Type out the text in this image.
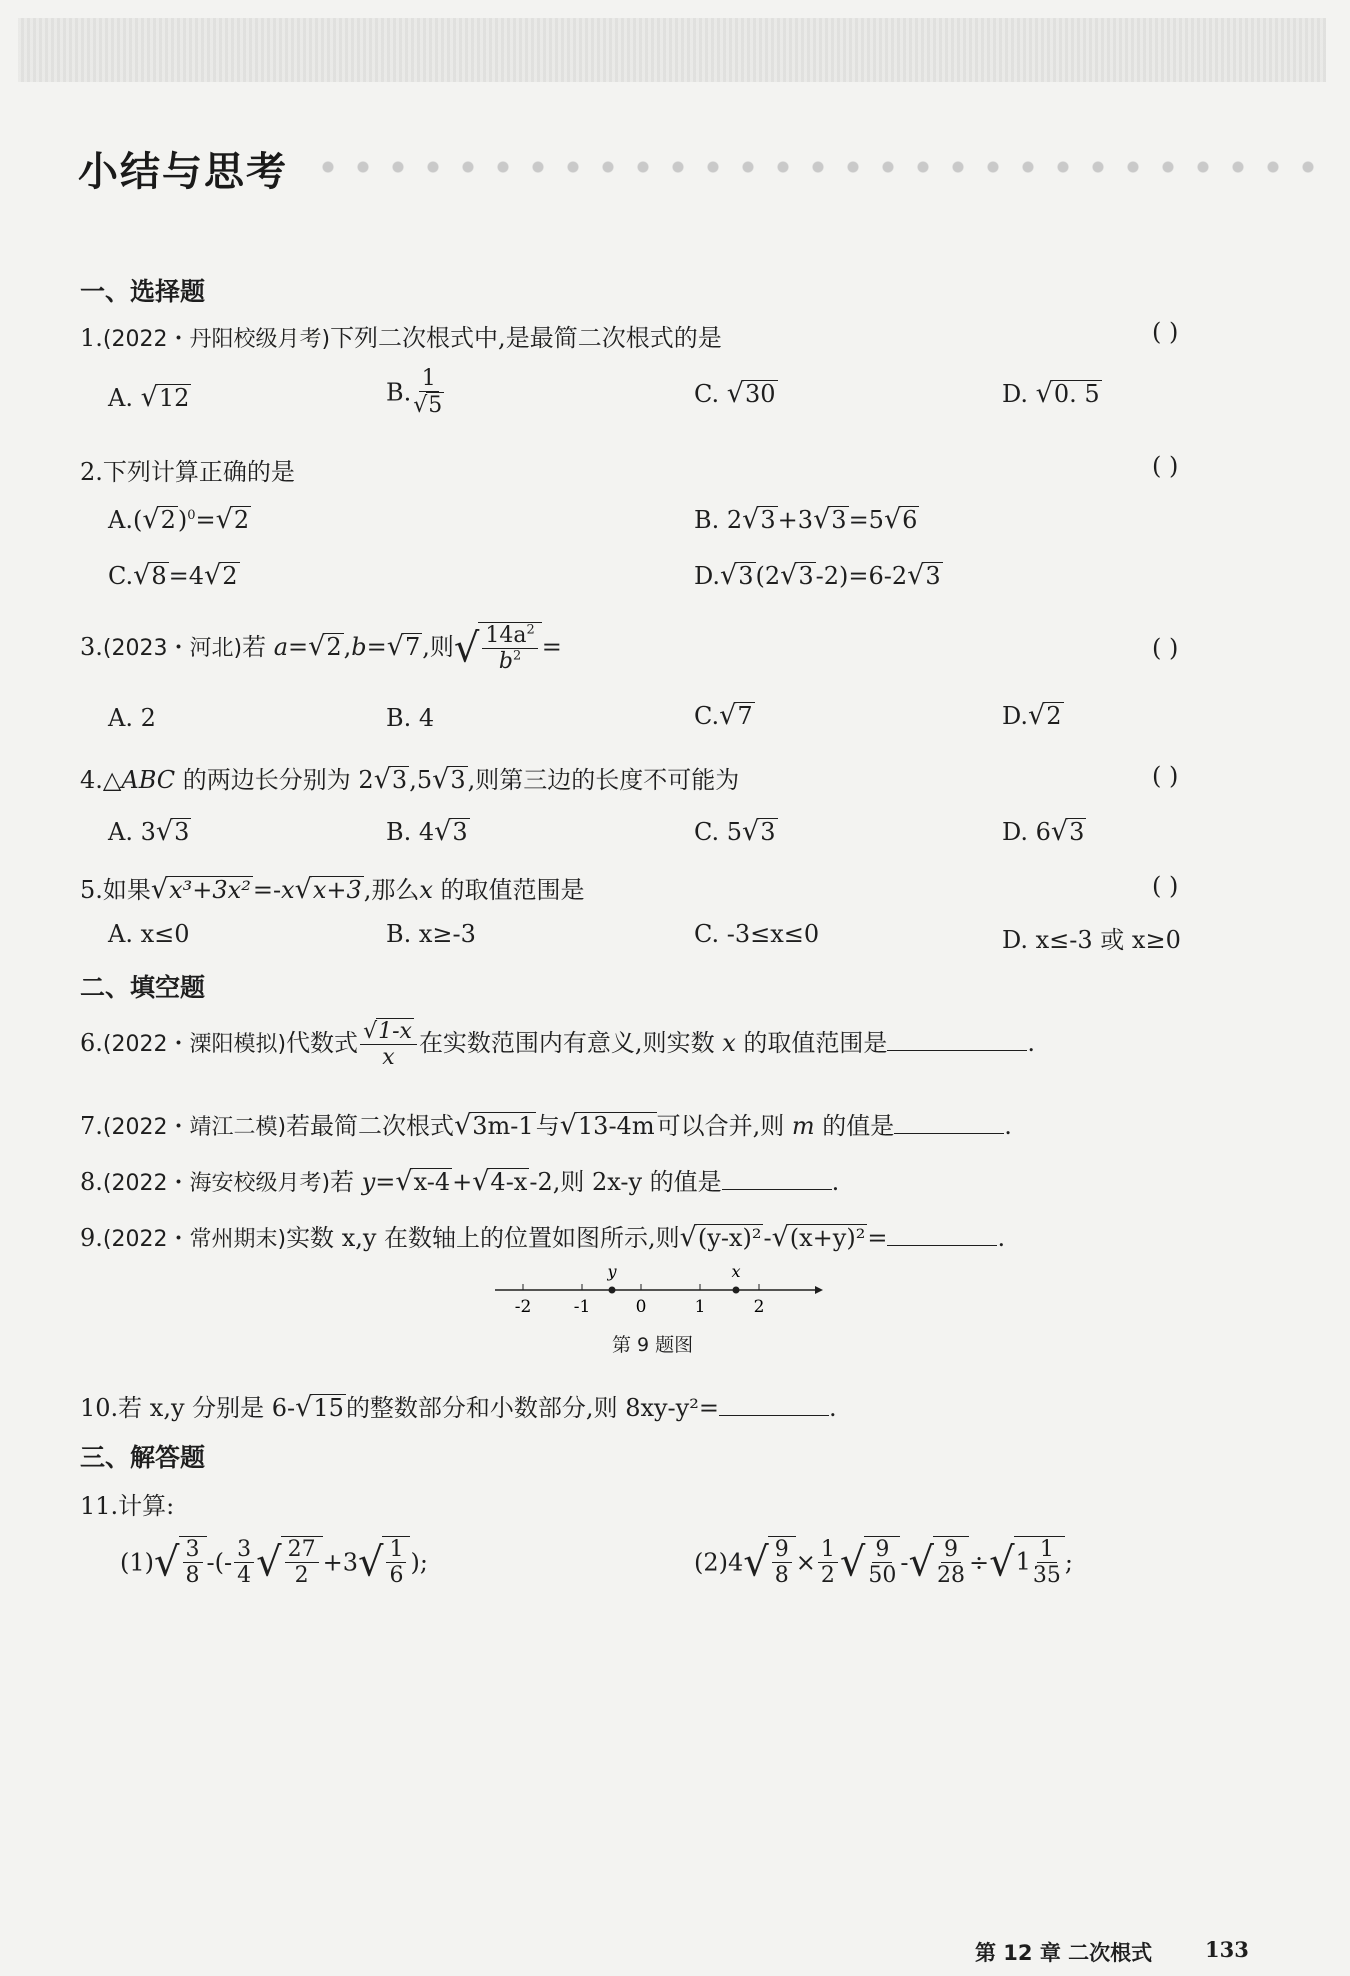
小结与思考
一、选择题
1.(2022・丹阳校级月考)下列二次根式中,是最简二次根式的是	( )
A. √12	B. $\frac{1}{√5}$	C. √30	D. √0. 5
2.下列计算正确的是	( )
$A.(√2)^0=√2$	B. 2√3+3√3=5√6
C.√8=4√2	D.√3(2√3-2)=6-2√3
3.(2023・河北)若 a=√2,b=√7,则√ $\frac{14a^2}{b^2}$ =	( )
A. 2	B. 4	C.√7	D.√2
4.△ABC 的两边长分别为 2√3,5√3,则第三边的长度不可能为	( )
A. 3√3	B. 4√3	C. 5√3	D. 6√3
5.如果√x³+3x²=-x√x+3,那么x 的取值范围是	( )
A. x≤0	B. x≥-3	C. -3≤x≤0	D. x≤-3 或 x≥0
二、填空题
6.(2022・溧阳模拟)代数式 $\frac{√1-x}{x}$ 在实数范围内有意义,则实数 x 的取值范围是	.
7.(2022・靖江二模)若最简二次根式√3m-1与√13-4m可以合并,则 m 的值是	.
8.(2022・海安校级月考)若 y=√x-4+√4-x-2,则 2x-y 的值是	.
9.(2022・常州期末)实数 x,y 在数轴上的位置如图所示,则√(y-x)²-√(x+y)²=	.
-2 -1	0	1	2
y	x
第 9 题图
10.若 x,y 分别是 6-√15的整数部分和小数部分,则 8xy-y²=	.
三、解答题
11.计算:
$(1)√ \frac{3}{8}$ -(- $\frac{3}{4}$ √ $\frac{27}{2} +3√ \frac{1}{6}$ );	$(2)4√ \frac{9}{8} \times \frac{1}{2}$ √ $\frac{9}{50}$ -√ $\frac{9}{28} \div√1 \frac{1}{35}$ ;
第 12 章 二次根式	133
